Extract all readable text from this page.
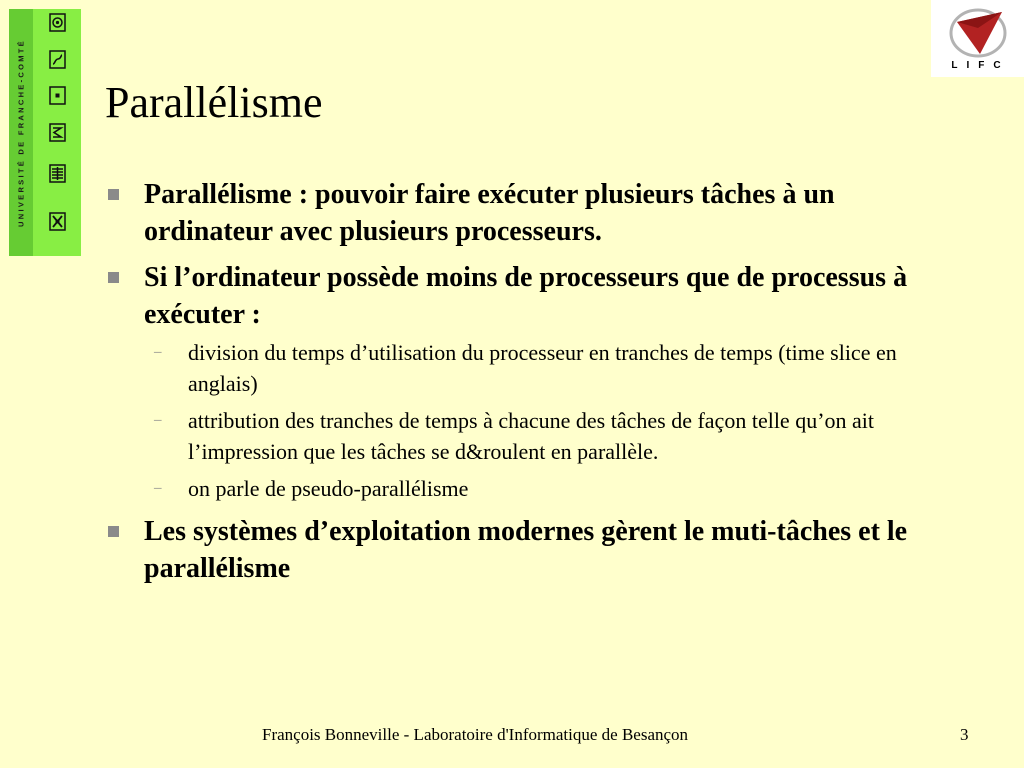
UNIVERSITÉ DE FRANCHE-COMTÉ	LIFC
Parallélisme
Parallélisme : pouvoir faire exécuter plusieurs tâches à un ordinateur avec plusieurs processeurs.
Si l’ordinateur possède moins de processeurs que de processus à exécuter :
– division du temps d’utilisation du processeur en tranches de temps (time slice en anglais)
– attribution des tranches de temps à chacune des tâches de façon telle qu’on ait l’impression que les tâches se d&roulent en parallèle.
– on parle de pseudo-parallélisme
Les systèmes d’exploitation modernes gèrent le muti-tâches et le parallélisme
François Bonneville - Laboratoire d'Informatique de Besançon	3
